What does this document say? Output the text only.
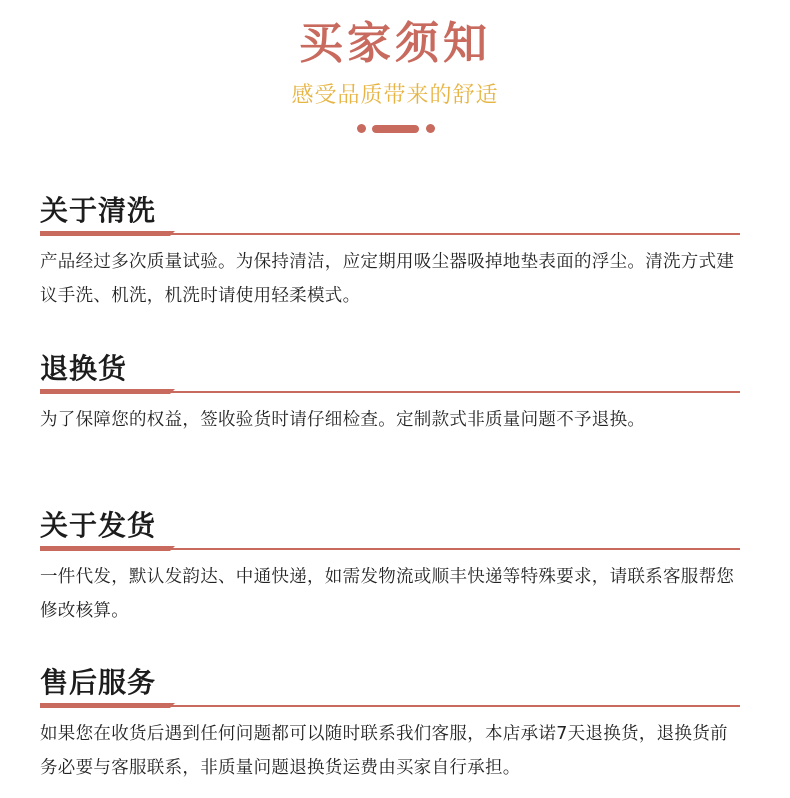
买家须知
感受品质带来的舒适
关于清洗
产品经过多次质量试验。为保持清洁，应定期用吸尘器吸掉地垫表面的浮尘。清洗方式建议手洗、机洗，机洗时请使用轻柔模式。
退换货
为了保障您的权益，签收验货时请仔细检查。定制款式非质量问题不予退换。
关于发货
一件代发，默认发韵达、中通快递，如需发物流或顺丰快递等特殊要求，请联系客服帮您修改核算。
售后服务
如果您在收货后遇到任何问题都可以随时联系我们客服，本店承诺7天退换货，退换货前务必要与客服联系，非质量问题退换货运费由买家自行承担。
